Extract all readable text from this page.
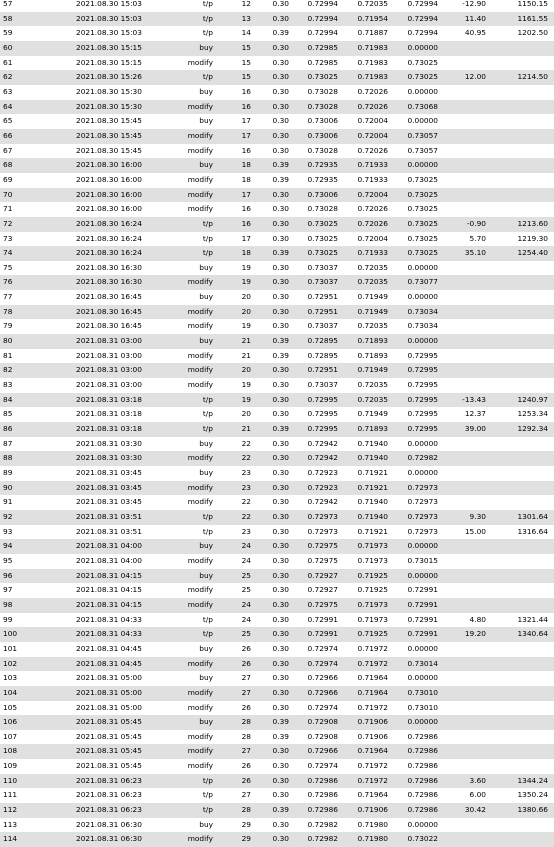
57	2021.08.30 15:03	t/p	12	0.30	0.72994	0.72035	0.72994	-12.90	1150.15
58	2021.08.30 15:03	t/p	13	0.30	0.72994	0.71954	0.72994	11.40	1161.55
59	2021.08.30 15:03	t/p	14	0.39	0.72994	0.71887	0.72994	40.95	1202.50
60	2021.08.30 15:15	buy	15	0.30	0.72985	0.71983	0.00000		
61	2021.08.30 15:15	modify	15	0.30	0.72985	0.71983	0.73025		
62	2021.08.30 15:26	t/p	15	0.30	0.73025	0.71983	0.73025	12.00	1214.50
63	2021.08.30 15:30	buy	16	0.30	0.73028	0.72026	0.00000		
64	2021.08.30 15:30	modify	16	0.30	0.73028	0.72026	0.73068		
65	2021.08.30 15:45	buy	17	0.30	0.73006	0.72004	0.00000		
66	2021.08.30 15:45	modify	17	0.30	0.73006	0.72004	0.73057		
67	2021.08.30 15:45	modify	16	0.30	0.73028	0.72026	0.73057		
68	2021.08.30 16:00	buy	18	0.39	0.72935	0.71933	0.00000		
69	2021.08.30 16:00	modify	18	0.39	0.72935	0.71933	0.73025		
70	2021.08.30 16:00	modify	17	0.30	0.73006	0.72004	0.73025		
71	2021.08.30 16:00	modify	16	0.30	0.73028	0.72026	0.73025		
72	2021.08.30 16:24	t/p	16	0.30	0.73025	0.72026	0.73025	-0.90	1213.60
73	2021.08.30 16:24	t/p	17	0.30	0.73025	0.72004	0.73025	5.70	1219.30
74	2021.08.30 16:24	t/p	18	0.39	0.73025	0.71933	0.73025	35.10	1254.40
75	2021.08.30 16:30	buy	19	0.30	0.73037	0.72035	0.00000		
76	2021.08.30 16:30	modify	19	0.30	0.73037	0.72035	0.73077		
77	2021.08.30 16:45	buy	20	0.30	0.72951	0.71949	0.00000		
78	2021.08.30 16:45	modify	20	0.30	0.72951	0.71949	0.73034		
79	2021.08.30 16:45	modify	19	0.30	0.73037	0.72035	0.73034		
80	2021.08.31 03:00	buy	21	0.39	0.72895	0.71893	0.00000		
81	2021.08.31 03:00	modify	21	0.39	0.72895	0.71893	0.72995		
82	2021.08.31 03:00	modify	20	0.30	0.72951	0.71949	0.72995		
83	2021.08.31 03:00	modify	19	0.30	0.73037	0.72035	0.72995		
84	2021.08.31 03:18	t/p	19	0.30	0.72995	0.72035	0.72995	-13.43	1240.97
85	2021.08.31 03:18	t/p	20	0.30	0.72995	0.71949	0.72995	12.37	1253.34
86	2021.08.31 03:18	t/p	21	0.39	0.72995	0.71893	0.72995	39.00	1292.34
87	2021.08.31 03:30	buy	22	0.30	0.72942	0.71940	0.00000		
88	2021.08.31 03:30	modify	22	0.30	0.72942	0.71940	0.72982		
89	2021.08.31 03:45	buy	23	0.30	0.72923	0.71921	0.00000		
90	2021.08.31 03:45	modify	23	0.30	0.72923	0.71921	0.72973		
91	2021.08.31 03:45	modify	22	0.30	0.72942	0.71940	0.72973		
92	2021.08.31 03:51	t/p	22	0.30	0.72973	0.71940	0.72973	9.30	1301.64
93	2021.08.31 03:51	t/p	23	0.30	0.72973	0.71921	0.72973	15.00	1316.64
94	2021.08.31 04:00	buy	24	0.30	0.72975	0.71973	0.00000		
95	2021.08.31 04:00	modify	24	0.30	0.72975	0.71973	0.73015		
96	2021.08.31 04:15	buy	25	0.30	0.72927	0.71925	0.00000		
97	2021.08.31 04:15	modify	25	0.30	0.72927	0.71925	0.72991		
98	2021.08.31 04:15	modify	24	0.30	0.72975	0.71973	0.72991		
99	2021.08.31 04:33	t/p	24	0.30	0.72991	0.71973	0.72991	4.80	1321.44
100	2021.08.31 04:33	t/p	25	0.30	0.72991	0.71925	0.72991	19.20	1340.64
101	2021.08.31 04:45	buy	26	0.30	0.72974	0.71972	0.00000		
102	2021.08.31 04:45	modify	26	0.30	0.72974	0.71972	0.73014		
103	2021.08.31 05:00	buy	27	0.30	0.72966	0.71964	0.00000		
104	2021.08.31 05:00	modify	27	0.30	0.72966	0.71964	0.73010		
105	2021.08.31 05:00	modify	26	0.30	0.72974	0.71972	0.73010		
106	2021.08.31 05:45	buy	28	0.39	0.72908	0.71906	0.00000		
107	2021.08.31 05:45	modify	28	0.39	0.72908	0.71906	0.72986		
108	2021.08.31 05:45	modify	27	0.30	0.72966	0.71964	0.72986		
109	2021.08.31 05:45	modify	26	0.30	0.72974	0.71972	0.72986		
110	2021.08.31 06:23	t/p	26	0.30	0.72986	0.71972	0.72986	3.60	1344.24
111	2021.08.31 06:23	t/p	27	0.30	0.72986	0.71964	0.72986	6.00	1350.24
112	2021.08.31 06:23	t/p	28	0.39	0.72986	0.71906	0.72986	30.42	1380.66
113	2021.08.31 06:30	buy	29	0.30	0.72982	0.71980	0.00000		
114	2021.08.31 06:30	modify	29	0.30	0.72982	0.71980	0.73022		
